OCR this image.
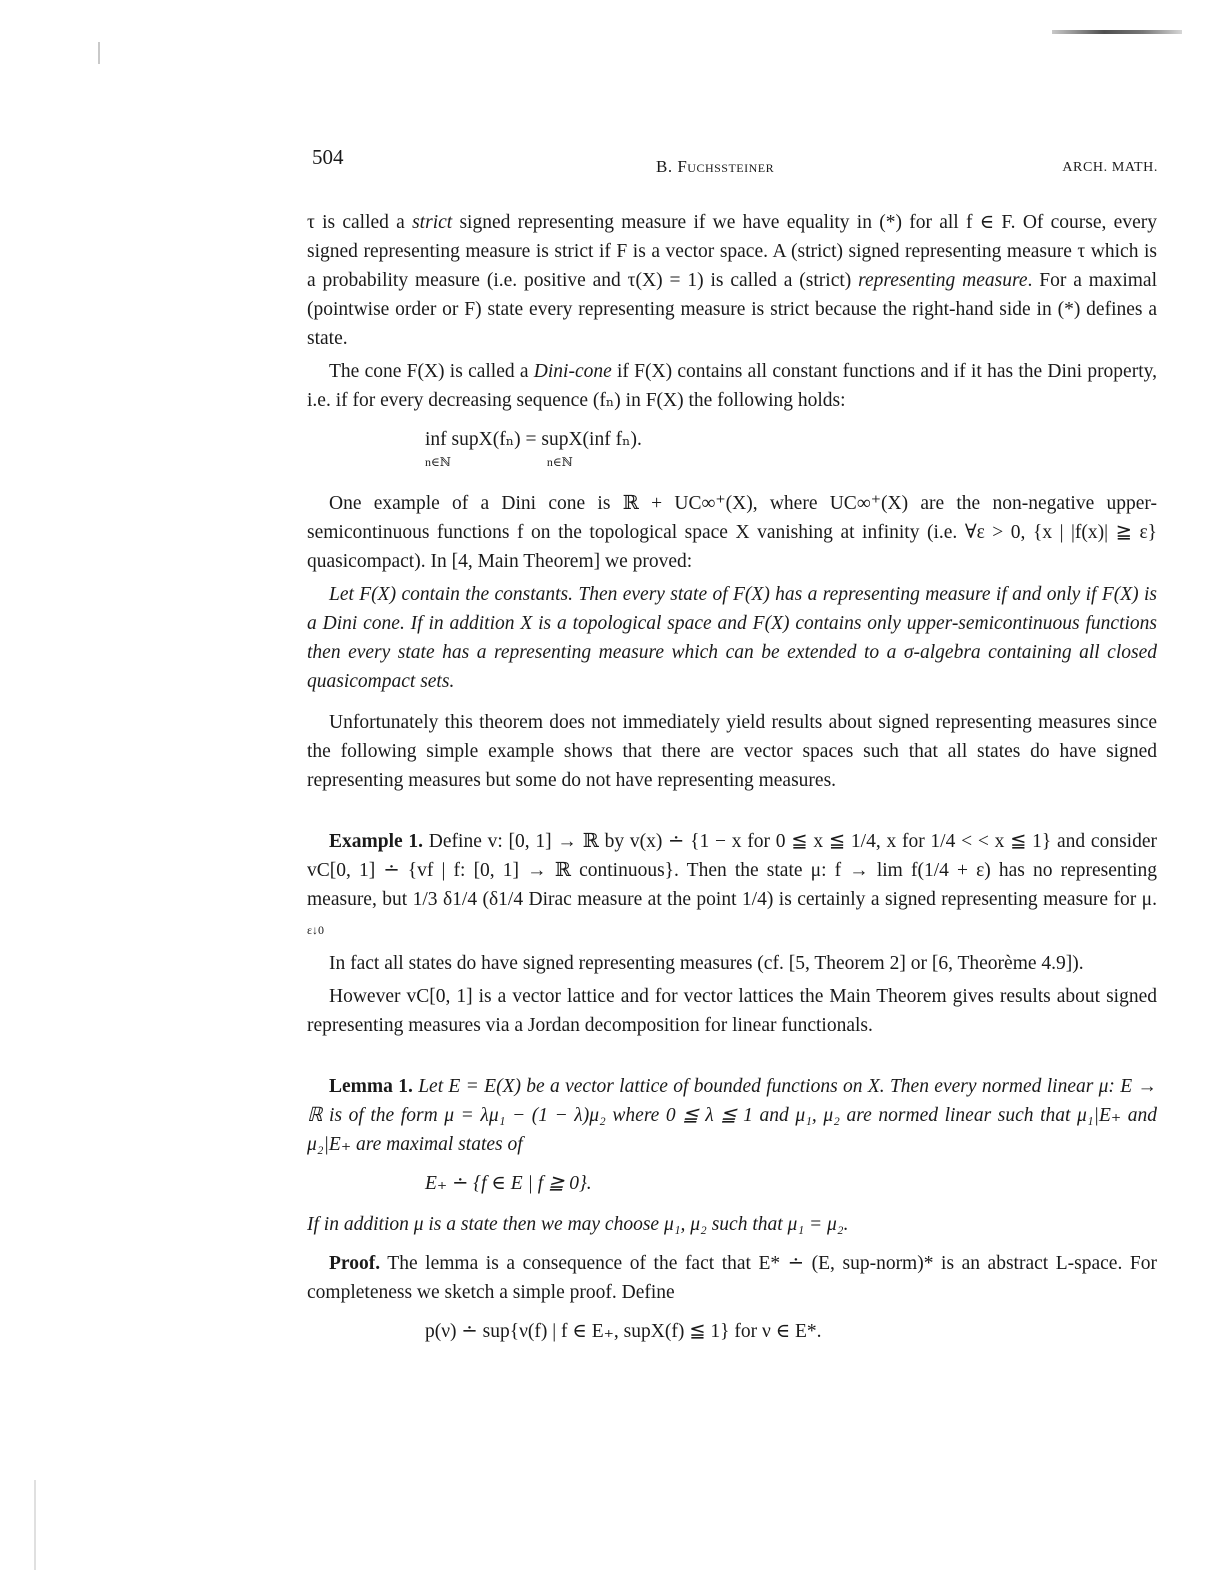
504	B. Fuchssteiner	ARCH. MATH.

τ is called a strict signed representing measure if we have equality in (*) for all f ∈ F. Of course, every signed representing measure is strict if F is a vector space. A (strict) signed representing measure τ which is a probability measure (i.e. positive and τ(X) = 1) is called a (strict) representing measure. For a maximal (pointwise order or F) state every representing measure is strict because the right-hand side in (*) defines a state.

The cone F(X) is called a Dini-cone if F(X) contains all constant functions and if it has the Dini property, i.e. if for every decreasing sequence (fₙ) in F(X) the following holds:

inf supX(fₙ) = supX(inf fₙ).
n∈ℕ                                n∈ℕ

One example of a Dini cone is ℝ + UC∞⁺(X), where UC∞⁺(X) are the non-negative upper-semicontinuous functions f on the topological space X vanishing at infinity (i.e. ∀ε > 0, {x | |f(x)| ≧ ε} quasicompact). In [4, Main Theorem] we proved:

Let F(X) contain the constants. Then every state of F(X) has a representing measure if and only if F(X) is a Dini cone. If in addition X is a topological space and F(X) contains only upper-semicontinuous functions then every state has a representing measure which can be extended to a σ-algebra containing all closed quasicompact sets.

Unfortunately this theorem does not immediately yield results about signed representing measures since the following simple example shows that there are vector spaces such that all states do have signed representing measures but some do not have representing measures.

Example 1. Define v: [0, 1] → ℝ by v(x) ∸ {1 − x for 0 ≦ x ≦ 1/4, x for 1/4 < < x ≦ 1} and consider vC[0, 1] ∸ {vf | f: [0, 1] → ℝ continuous}. Then the state μ: f → lim f(1/4 + ε) has no representing measure, but 1/3 δ1/4 (δ1/4 Dirac measure at the point 1/4) is certainly a signed representing measure for μ. ε↓0

In fact all states do have signed representing measures (cf. [5, Theorem 2] or [6, Theorème 4.9]).

However vC[0, 1] is a vector lattice and for vector lattices the Main Theorem gives results about signed representing measures via a Jordan decomposition for linear functionals.

Lemma 1. Let E = E(X) be a vector lattice of bounded functions on X. Then every normed linear μ: E → ℝ is of the form μ = λμ₁ − (1 − λ)μ₂ where 0 ≦ λ ≦ 1 and μ₁, μ₂ are normed linear such that μ₁|E₊ and μ₂|E₊ are maximal states of

E₊ ∸ {f ∈ E | f ≧ 0}.

If in addition μ is a state then we may choose μ₁, μ₂ such that μ₁ = μ₂.

Proof. The lemma is a consequence of the fact that E* ∸ (E, sup-norm)* is an abstract L-space. For completeness we sketch a simple proof. Define

p(ν) ∸ sup{ν(f) | f ∈ E₊, supX(f) ≦ 1} for ν ∈ E*.
